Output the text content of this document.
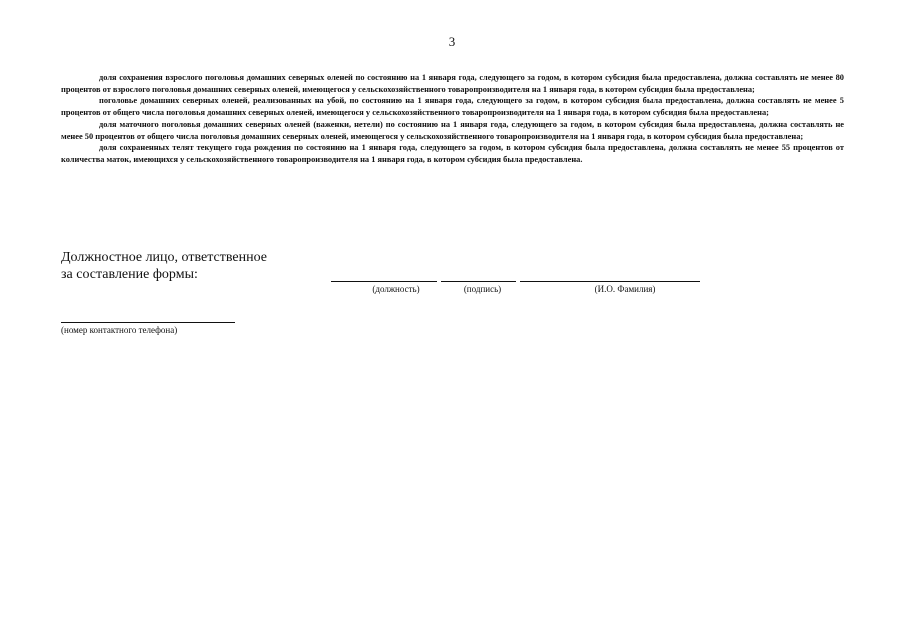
3

доля сохранения взрослого поголовья домашних северных оленей по состоянию на 1 января года, следующего за годом, в котором субсидия была предоставлена, должна составлять не менее 80 процентов от взрослого поголовья домашних северных оленей, имеющегося у сельскохозяйственного товаропроизводителя на 1 января года, в котором субсидия была предоставлена;

поголовье домашних северных оленей, реализованных на убой, по состоянию на 1 января года, следующего за годом, в котором субсидия была предоставлена, должна составлять не менее 5 процентов от общего числа поголовья домашних северных оленей, имеющегося у сельскохозяйственного товаропроизводителя на 1 января года, в котором субсидия была предоставлена;

доля маточного поголовья домашних северных оленей (важенки, нетели) по состоянию на 1 января года, следующего за годом, в котором субсидия была предоставлена, должна составлять не менее 50 процентов от общего числа поголовья домашних северных оленей, имеющегося у сельскохозяйственного товаропроизводителя на 1 января года, в котором субсидия была предоставлена;

доля сохраненных телят текущего года рождения по состоянию на 1 января года, следующего за годом, в котором субсидия была предоставлена, должна составлять не менее 55 процентов от количества маток, имеющихся у сельскохозяйственного товаропроизводителя на 1 января года, в котором субсидия была предоставлена.

Должностное лицо, ответственное
за составление формы:
(должность)	(подпись)	(И.О. Фамилия)
(номер контактного телефона)
